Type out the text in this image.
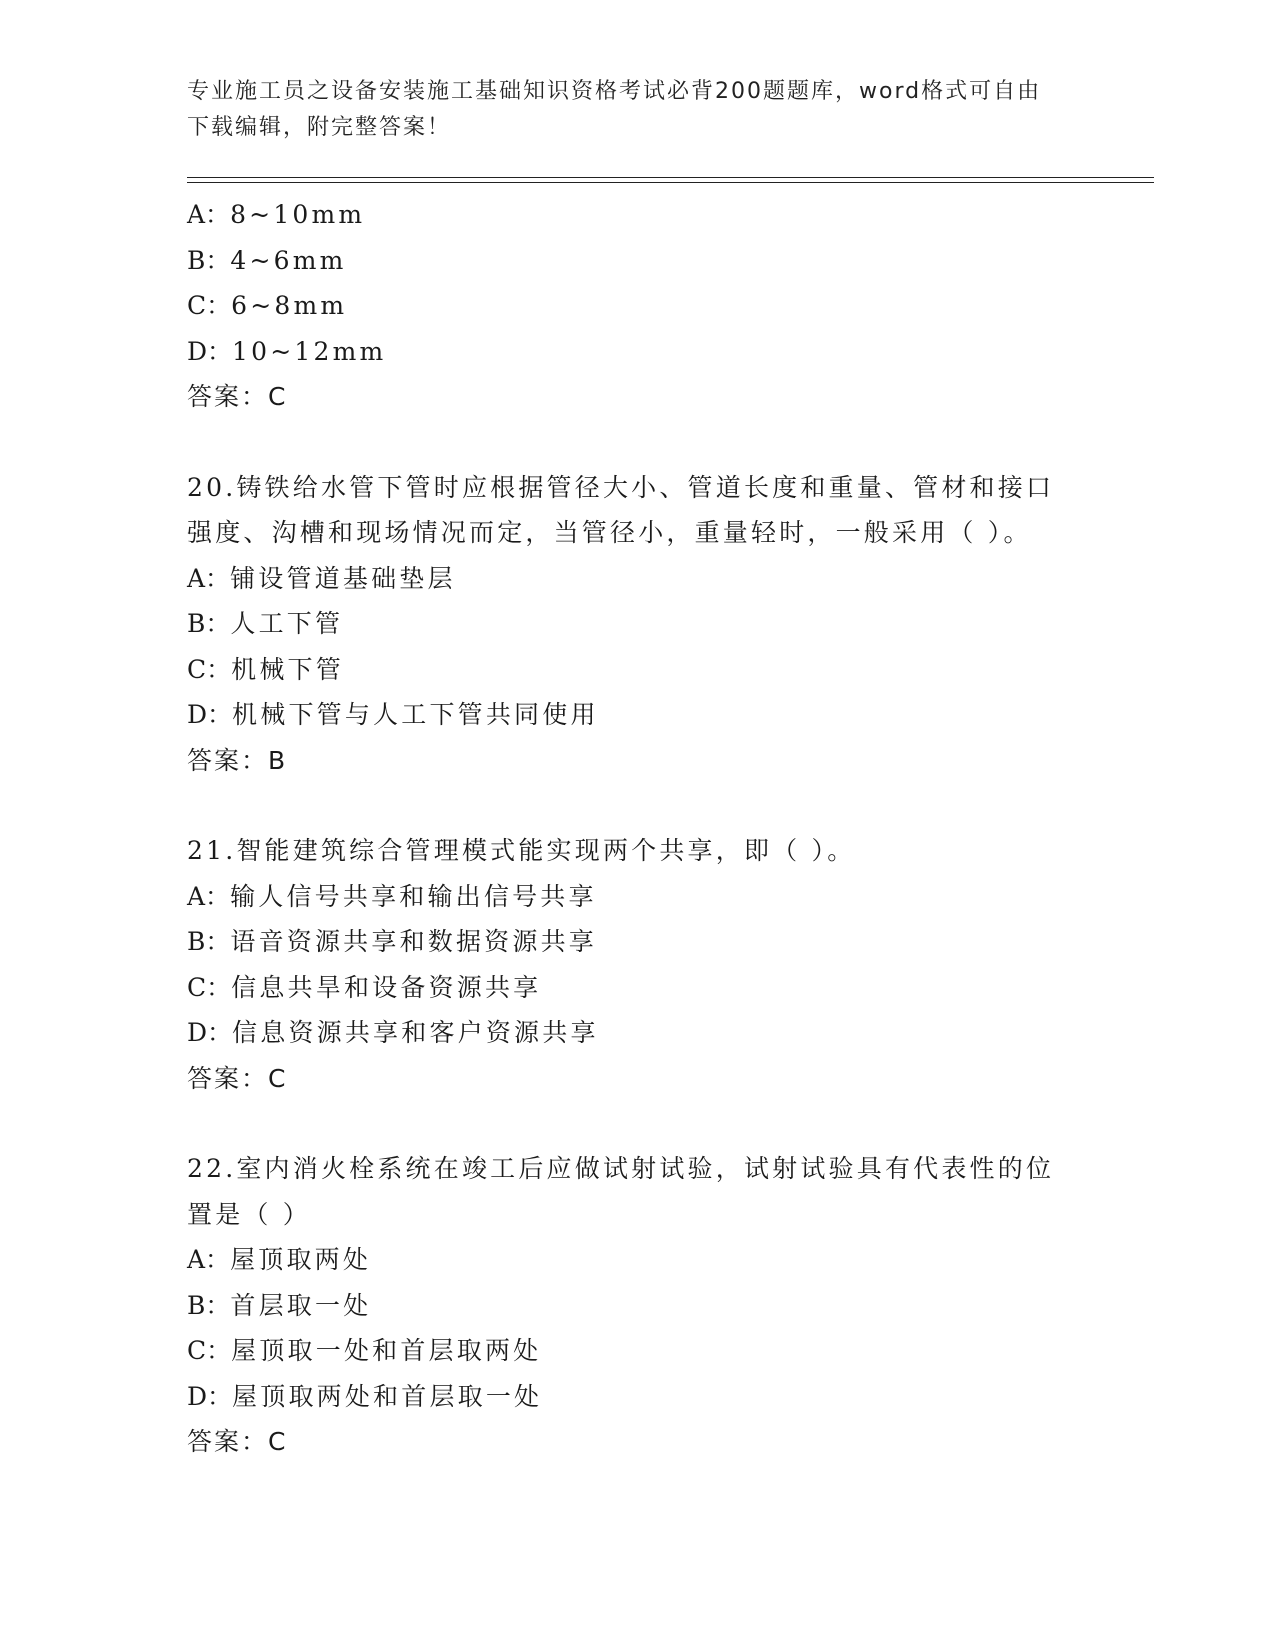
专业施工员之设备安装施工基础知识资格考试必背200题题库，word格式可自由
下载编辑，附完整答案！
A：8~10mm
B：4~6mm
C：6~8mm
D：10~12mm
答案：C
20.铸铁给水管下管时应根据管径大小、管道长度和重量、管材和接口
强度、沟槽和现场情况而定，当管径小，重量轻时，一般采用（ ）。
A：铺设管道基础垫层
B：人工下管
C：机械下管
D：机械下管与人工下管共同使用
答案：B
21.智能建筑综合管理模式能实现两个共享，即（ ）。
A：输人信号共享和输出信号共享
B：语音资源共享和数据资源共享
C：信息共旱和设备资源共享
D：信息资源共享和客户资源共享
答案：C
22.室内消火栓系统在竣工后应做试射试验，试射试验具有代表性的位
置是（ ）
A：屋顶取两处
B：首层取一处
C：屋顶取一处和首层取两处
D：屋顶取两处和首层取一处
答案：C
